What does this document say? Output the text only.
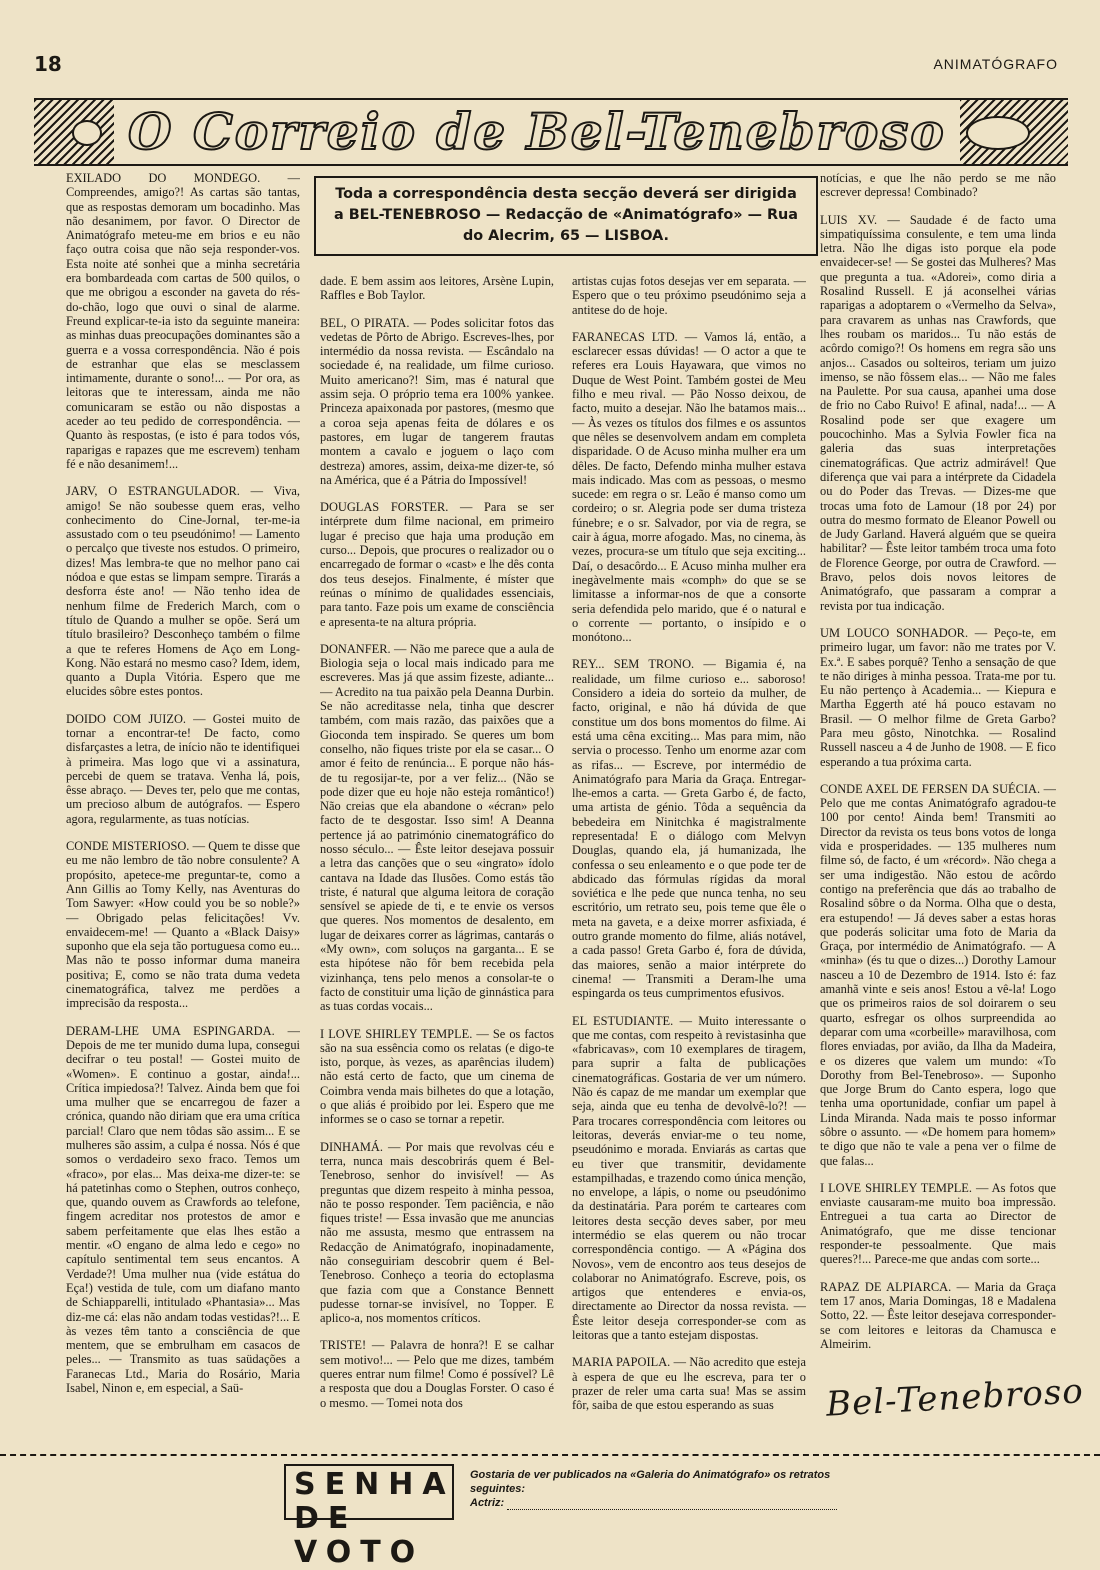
18	ANIMATÓGRAFO
O Correio de Bel-Tenebroso
Toda a correspondência desta secção deverá ser dirigida a BEL-TENEBROSO — Redacção de «Animatógrafo» — Rua do Alecrim, 65 — LISBOA.

EXILADO DO MONDEGO. — Compreendes, amigo?! As cartas são tantas, que as respostas demoram um bocadinho. Mas não desanimem, por favor. O Director de Animatógrafo meteu-me em brios e eu não faço outra coisa que não seja responder-vos. Esta noite até sonhei que a minha secretária era bombardeada com cartas de 500 quilos, o que me obrigou a esconder na gaveta do rés-do-chão, logo que ouvi o sinal de alarme. Freund explicar-te-ia isto da seguinte maneira: as minhas duas preocupações dominantes são a guerra e a vossa correspondência. Não é pois de estranhar que elas se mesclassem intimamente, durante o sono!... — Por ora, as leitoras que te interessam, ainda me não comunicaram se estão ou não dispostas a aceder ao teu pedido de correspondência. — Quanto às respostas, (e isto é para todos vós, raparigas e rapazes que me escrevem) tenham fé e não desanimem!...

JARV, O ESTRANGULADOR. — Viva, amigo! Se não soubesse quem eras, velho conhecimento do Cine-Jornal, ter-me-ia assustado com o teu pseudónimo! — Lamento o percalço que tiveste nos estudos. O primeiro, dizes! Mas lembra-te que no melhor pano cai nódoa e que estas se limpam sempre. Tirarás a desforra éste ano! — Não tenho idea de nenhum filme de Frederich March, com o título de Quando a mulher se opõe. Será um título brasileiro? Desconheço também o filme a que te referes Homens de Aço em Long-Kong. Não estará no mesmo caso? Idem, idem, quanto a Dupla Vitória. Espero que me elucides sôbre estes pontos.

DOIDO COM JUIZO. — Gostei muito de tornar a encontrar-te! De facto, como disfarçastes a letra, de início não te identifiquei à primeira. Mas logo que vi a assinatura, percebi de quem se tratava. Venha lá, pois, êsse abraço. — Deves ter, pelo que me contas, um precioso album de autógrafos. — Espero agora, regularmente, as tuas notícias.

CONDE MISTERIOSO. — Quem te disse que eu me não lembro de tão nobre consulente? A propósito, apetece-me preguntar-te, como a Ann Gillis ao Tomy Kelly, nas Aventuras do Tom Sawyer: «How could you be so noble?» — Obrigado pelas felicitações! Vv. envaidecem-me! — Quanto a «Black Daisy» suponho que ela seja tão portuguesa como eu... Mas não te posso informar duma maneira positiva; E, como se não trata duma vedeta cinematográfica, talvez me perdões a imprecisão da resposta...

DERAM-LHE UMA ESPINGARDA. — Depois de me ter munido duma lupa, consegui decifrar o teu postal! — Gostei muito de «Women». E continuo a gostar, ainda!... Crítica impiedosa?! Talvez. Ainda bem que foi uma mulher que se encarregou de fazer a crónica, quando não diriam que era uma crítica parcial! Claro que nem tôdas são assim... E se mulheres são assim, a culpa é nossa. Nós é que somos o verdadeiro sexo fraco. Temos um «fraco», por elas... Mas deixa-me dizer-te: se há patetinhas como o Stephen, outros conheço, que, quando ouvem as Crawfords ao telefone, fingem acreditar nos protestos de amor e sabem perfeitamente que elas lhes estão a mentir. «O engano de alma ledo e cego» no capítulo sentimental tem seus encantos. A Verdade?! Uma mulher nua (vide estátua do Eça!) vestida de tule, com um diafano manto de Schiapparelli, intitulado «Phantasia»... Mas diz-me cá: elas não andam todas vestidas?!... E às vezes têm tanto a consciência de que mentem, que se embrulham em casacos de peles... — Transmito as tuas saüdações a Faranecas Ltd., Maria do Rosário, Maria Isabel, Ninon e, em especial, a Saü-

dade. E bem assim aos leitores, Arsène Lupin, Raffles e Bob Taylor.

BEL, O PIRATA. — Podes solicitar fotos das vedetas de Pôrto de Abrigo. Escreves-lhes, por intermédio da nossa revista. — Escândalo na sociedade é, na realidade, um filme curioso. Muito americano?! Sim, mas é natural que assim seja. O próprio tema era 100% yankee. Princeza apaixonada por pastores, (mesmo que a coroa seja apenas feita de dólares e os pastores, em lugar de tangerem frautas montem a cavalo e joguem o laço com destreza) amores, assim, deixa-me dizer-te, só na América, que é a Pátria do Impossível!

DOUGLAS FORSTER. — Para se ser intérprete dum filme nacional, em primeiro lugar é preciso que haja uma produção em curso... Depois, que procures o realizador ou o encarregado de formar o «cast» e lhe dês conta dos teus desejos. Finalmente, é míster que reúnas o mínimo de qualidades essenciais, para tanto. Faze pois um exame de consciência e apresenta-te na altura própria.

DONANFER. — Não me parece que a aula de Biologia seja o local mais indicado para me escreveres. Mas já que assim fizeste, adiante... — Acredito na tua paixão pela Deanna Durbin. Se não acreditasse nela, tinha que descrer também, com mais razão, das paixões que a Gioconda tem inspirado. Se queres um bom conselho, não fiques triste por ela se casar... O amor é feito de renúncia... E porque não hás-de tu regosijar-te, por a ver feliz... (Não se pode dizer que eu hoje não esteja romântico!) Não creias que ela abandone o «écran» pelo facto de te desgostar. Isso sim! A Deanna pertence já ao património cinematográfico do nosso século... — Êste leitor desejava possuir a letra das canções que o seu «ingrato» ídolo cantava na Idade das Ilusões. Como estás tão triste, é natural que alguma leitora de coração sensível se apiede de ti, e te envie os versos que queres. Nos momentos de desalento, em lugar de deixares correr as lágrimas, cantarás o «My own», com soluços na garganta... E se esta hipótese não fôr bem recebida pela vizinhança, tens pelo menos a consolar-te o facto de constituir uma lição de ginnástica para as tuas cordas vocais...

I LOVE SHIRLEY TEMPLE. — Se os factos são na sua essência como os relatas (e digo-te isto, porque, às vezes, as aparências iludem) não está certo de facto, que um cinema de Coimbra venda mais bilhetes do que a lotação, o que aliás é proibido por lei. Espero que me informes se o caso se tornar a repetir.

DINHAMÁ. — Por mais que revolvas céu e terra, nunca mais descobrirás quem é Bel-Tenebroso, senhor do invisível! — As preguntas que dizem respeito à minha pessoa, não te posso responder. Tem paciência, e não fiques triste! — Essa invasão que me anuncias não me assusta, mesmo que entrassem na Redacção de Animatógrafo, inopinadamente, não conseguiriam descobrir quem é Bel-Tenebroso. Conheço a teoria do ectoplasma que fazia com que a Constance Bennett pudesse tornar-se invisível, no Topper. E aplico-a, nos momentos críticos.

TRISTE! — Palavra de honra?! E se calhar sem motivo!... — Pelo que me dizes, também queres entrar num filme! Como é possível? Lê a resposta que dou a Douglas Forster. O caso é o mesmo. — Tomei nota dos

artistas cujas fotos desejas ver em separata. — Espero que o teu próximo pseudónimo seja a antitese do de hoje.

FARANECAS LTD. — Vamos lá, então, a esclarecer essas dúvidas! — O actor a que te referes era Louis Hayawara, que vimos no Duque de West Point. Também gostei de Meu filho e meu rival. — Pão Nosso deixou, de facto, muito a desejar. Não lhe batamos mais... — Às vezes os títulos dos filmes e os assuntos que nêles se desenvolvem andam em completa disparidade. O de Acuso minha mulher era um dêles. De facto, Defendo minha mulher estava mais indicado. Mas com as pessoas, o mesmo sucede: em regra o sr. Leão é manso como um cordeiro; o sr. Alegria pode ser duma tristeza fúnebre; e o sr. Salvador, por via de regra, se cair à água, morre afogado. Mas, no cinema, às vezes, procura-se um título que seja exciting... Daí, o desacôrdo... E Acuso minha mulher era inegàvelmente mais «comph» do que se se limitasse a informar-nos de que a consorte seria defendida pelo marido, que é o natural e o corrente — portanto, o insípido e o monótono...

REY... SEM TRONO. — Bigamia é, na realidade, um filme curioso e... saboroso! Considero a ideia do sorteio da mulher, de facto, original, e não há dúvida de que constitue um dos bons momentos do filme. Ai está uma cêna exciting... Mas para mim, não servia o processo. Tenho um enorme azar com as rifas... — Escreve, por intermédio de Animatógrafo para Maria da Graça. Entregar-lhe-emos a carta. — Greta Garbo é, de facto, uma artista de génio. Tôda a sequência da bebedeira em Ninitchka é magistralmente representada! E o diálogo com Melvyn Douglas, quando ela, já humanizada, lhe confessa o seu enleamento e o que pode ter de abdicado das fórmulas rígidas da moral soviética e lhe pede que nunca tenha, no seu escritório, um retrato seu, pois teme que êle o meta na gaveta, e a deixe morrer asfixiada, é outro grande momento do filme, aliás notável, a cada passo! Greta Garbo é, fora de dúvida, das maiores, senão a maior intérprete do cinema! — Transmiti a Deram-lhe uma espingarda os teus cumprimentos efusivos.

EL ESTUDIANTE. — Muito interessante o que me contas, com respeito à revistasinha que «fabricavas», com 10 exemplares de tiragem, para suprir a falta de publicações cinematográficas. Gostaria de ver um número. Não és capaz de me mandar um exemplar que seja, ainda que eu tenha de devolvê-lo?! — Para trocares correspondência com leitores ou leitoras, deverás enviar-me o teu nome, pseudónimo e morada. Enviarás as cartas que eu tiver que transmitir, devidamente estampilhadas, e trazendo como única menção, no envelope, a lápis, o nome ou pseudónimo da destinatária. Para porém te carteares com leitores desta secção deves saber, por meu intermédio se elas querem ou não trocar correspondência contigo. — A «Página dos Novos», vem de encontro aos teus desejos de colaborar no Animatógrafo. Escreve, pois, os artigos que entenderes e envia-os, directamente ao Director da nossa revista. — Êste leitor deseja corresponder-se com as leitoras que a tanto estejam dispostas.

MARIA PAPOILA. — Não acredito que esteja à espera de que eu lhe escreva, para ter o prazer de reler uma carta sua! Mas se assim fôr, saiba de que estou esperando as suas

notícias, e que lhe não perdo se me não escrever depressa! Combinado?

LUIS XV. — Saudade é de facto uma simpatiquíssima consulente, e tem uma linda letra. Não lhe digas isto porque ela pode envaidecer-se! — Se gostei das Mulheres? Mas que pregunta a tua. «Adorei», como diria a Rosalind Russell. E já aconselhei várias raparigas a adoptarem o «Vermelho da Selva», para cravarem as unhas nas Crawfords, que lhes roubam os maridos... Tu não estás de acôrdo comigo?! Os homens em regra são uns anjos... Casados ou solteiros, teriam um juizo imenso, se não fôssem elas... — Não me fales na Paulette. Por sua causa, apanhei uma dose de frio no Cabo Ruivo! E afinal, nada!... — A Rosalind pode ser que exagere um poucochinho. Mas a Sylvia Fowler fica na galeria das suas interpretações cinematográficas. Que actriz admirável! Que diferença que vai para a intérprete da Cidadela ou do Poder das Trevas. — Dizes-me que trocas uma foto de Lamour (18 por 24) por outra do mesmo formato de Eleanor Powell ou de Judy Garland. Haverá alguém que se queira habilitar? — Êste leitor também troca uma foto de Florence George, por outra de Crawford. — Bravo, pelos dois novos leitores de Animatógrafo, que passaram a comprar a revista por tua indicação.

UM LOUCO SONHADOR. — Peço-te, em primeiro lugar, um favor: não me trates por V. Ex.ª. E sabes porquê? Tenho a sensação de que te não diriges à minha pessoa. Trata-me por tu. Eu não pertenço à Academia... — Kiepura e Martha Eggerth até há pouco estavam no Brasil. — O melhor filme de Greta Garbo? Para meu gôsto, Ninotchka. — Rosalind Russell nasceu a 4 de Junho de 1908. — E fico esperando a tua próxima carta.

CONDE AXEL DE FERSEN DA SUÉCIA. — Pelo que me contas Animatógrafo agradou-te 100 por cento! Ainda bem! Transmiti ao Director da revista os teus bons votos de longa vida e prosperidades. — 135 mulheres num filme só, de facto, é um «récord». Não chega a ser uma indigestão. Não estou de acôrdo contigo na preferência que dás ao trabalho de Rosalind sôbre o da Norma. Olha que o desta, era estupendo! — Já deves saber a estas horas que poderás solicitar uma foto de Maria da Graça, por intermédio de Animatógrafo. — A «minha» (és tu que o dizes...) Dorothy Lamour nasceu a 10 de Dezembro de 1914. Isto é: faz amanhã vinte e seis anos! Estou a vê-la! Logo que os primeiros raios de sol doirarem o seu quarto, esfregar os olhos surpreendida ao deparar com uma «corbeille» maravilhosa, com flores enviadas, por avião, da Ilha da Madeira, e os dizeres que valem um mundo: «To Dorothy from Bel-Tenebroso». — Suponho que Jorge Brum do Canto espera, logo que tenha uma oportunidade, confiar um papel à Linda Miranda. Nada mais te posso informar sôbre o assunto. — «De homem para homem» te digo que não te vale a pena ver o filme de que falas...

I LOVE SHIRLEY TEMPLE. — As fotos que enviaste causaram-me muito boa impressão. Entreguei a tua carta ao Director de Animatógrafo, que me disse tencionar responder-te pessoalmente. Que mais queres?!... Parece-me que andas com sorte...

RAPAZ DE ALPIARCA. — Maria da Graça tem 17 anos, Maria Domingas, 18 e Madalena Sotto, 22. — Êste leitor desejava corresponder-se com leitores e leitoras da Chamusca e Almeirim.

Bel-Tenebroso
SENHA
DE VOTO
Gostaria de ver publicados na «Galeria do Animatógrafo» os retratos seguintes:
Actriz:
